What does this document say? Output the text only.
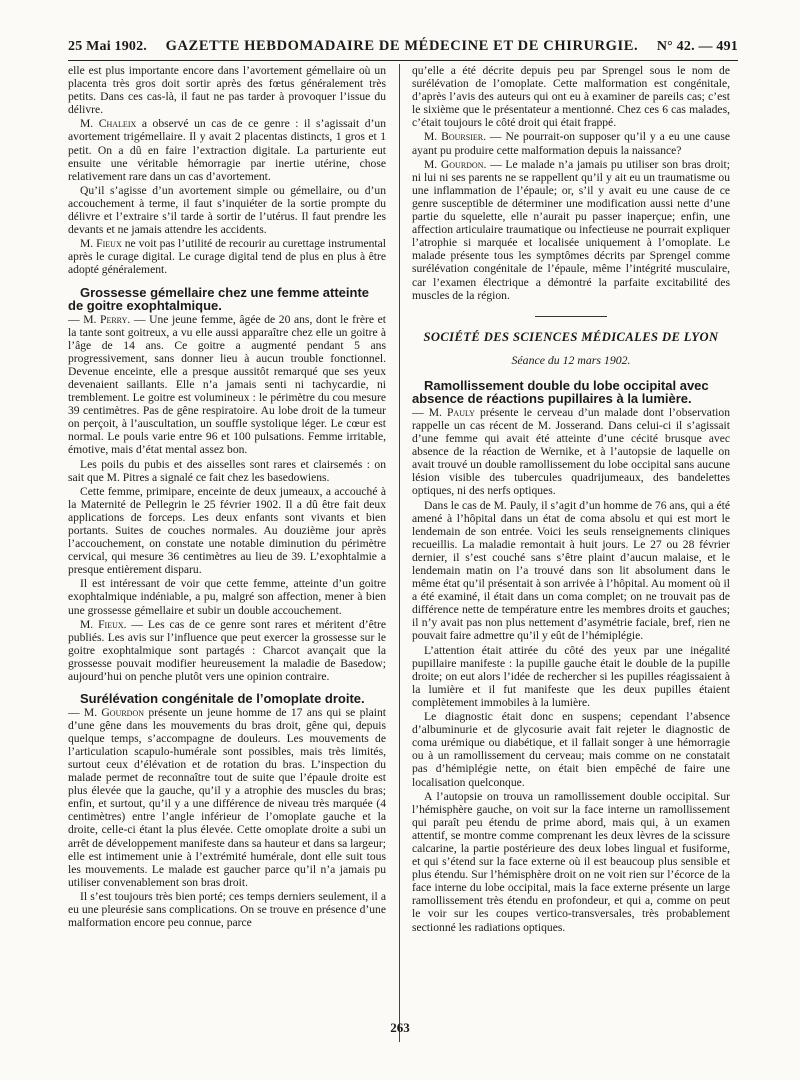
25 Mai 1902. GAZETTE HEBDOMADAIRE DE MÉDECINE ET DE CHIRURGIE. N° 42. — 491

elle est plus importante encore dans l’avortement gémellaire où un placenta très gros doit sortir après des fœtus généralement très petits. Dans ces cas-là, il faut ne pas tarder à provoquer l’issue du délivre.

M. Chaleix a observé un cas de ce genre : il s’agissait d’un avortement trigémellaire. Il y avait 2 placentas distincts, 1 gros et 1 petit. On a dû en faire l’extraction digitale. La parturiente eut ensuite une véritable hémorragie par inertie utérine, chose relativement rare dans un cas d’avortement.

Qu’il s’agisse d’un avortement simple ou gémellaire, ou d’un accouchement à terme, il faut s’inquiéter de la sortie prompte du délivre et l’extraire s’il tarde à sortir de l’utérus. Il faut prendre les devants et ne jamais attendre les accidents.

M. Fieux ne voit pas l’utilité de recourir au curettage instrumental après le curage digital. Le curage digital tend de plus en plus à être adopté généralement.

Grossesse gémellaire chez une femme atteinte de goitre exophtalmique.

— M. Perry. — Une jeune femme, âgée de 20 ans, dont le frère et la tante sont goitreux, a vu elle aussi apparaître chez elle un goitre à l’âge de 14 ans. Ce goitre a augmenté pendant 5 ans progressivement, sans donner lieu à aucun trouble fonctionnel. Devenue enceinte, elle a presque aussitôt remarqué que ses yeux devenaient saillants. Elle n’a jamais senti ni tachycardie, ni tremblement. Le goitre est volumineux : le périmètre du cou mesure 39 centimètres. Pas de gêne respiratoire. Au lobe droit de la tumeur on perçoit, à l’auscultation, un souffle systolique léger. Le cœur est normal. Le pouls varie entre 96 et 100 pulsations. Femme irritable, émotive, mais d’état mental assez bon.

Les poils du pubis et des aisselles sont rares et clairsemés : on sait que M. Pitres a signalé ce fait chez les basedowiens.

Cette femme, primipare, enceinte de deux jumeaux, a accouché à la Maternité de Pellegrin le 25 février 1902. Il a dû être fait deux applications de forceps. Les deux enfants sont vivants et bien portants. Suites de couches normales. Au douzième jour après l’accouchement, on constate une notable diminution du périmètre cervical, qui mesure 36 centimètres au lieu de 39. L’exophtalmie a presque entièrement disparu.

Il est intéressant de voir que cette femme, atteinte d’un goitre exophtalmique indéniable, a pu, malgré son affection, mener à bien une grossesse gémellaire et subir un double accouchement.

M. Fieux. — Les cas de ce genre sont rares et méritent d’être publiés. Les avis sur l’influence que peut exercer la grossesse sur le goitre exophtalmique sont partagés : Charcot avançait que la grossesse pouvait modifier heureusement la maladie de Basedow; aujourd’hui on penche plutôt vers une opinion contraire.

Surélévation congénitale de l’omoplate droite.

— M. Gourdon présente un jeune homme de 17 ans qui se plaint d’une gêne dans les mouvements du bras droit, gêne qui, depuis quelque temps, s’accompagne de douleurs. Les mouvements de l’articulation scapulo-humérale sont possibles, mais très limités, surtout ceux d’élévation et de rotation du bras. L’inspection du malade permet de reconnaître tout de suite que l’épaule droite est plus élevée que la gauche, qu’il y a atrophie des muscles du bras; enfin, et surtout, qu’il y a une différence de niveau très marquée (4 centimètres) entre l’angle inférieur de l’omoplate gauche et la droite, celle-ci étant la plus élevée. Cette omoplate droite a subi un arrêt de développement manifeste dans sa hauteur et dans sa largeur; elle est intimement unie à l’extrémité humérale, dont elle suit tous les mouvements. Le malade est gaucher parce qu’il n’a jamais pu utiliser convenablement son bras droit.

Il s’est toujours très bien porté; ces temps derniers seulement, il a eu une pleurésie sans complications. On se trouve en présence d’une malformation encore peu connue, parce

qu’elle a été décrite depuis peu par Sprengel sous le nom de surélévation de l’omoplate. Cette malformation est congénitale, d’après l’avis des auteurs qui ont eu à examiner de pareils cas; c’est le sixième que le présentateur a mentionné. Chez ces 6 cas malades, c’était toujours le côté droit qui était frappé.

M. Boursier. — Ne pourrait-on supposer qu’il y a eu une cause ayant pu produire cette malformation depuis la naissance?

M. Gourdon. — Le malade n’a jamais pu utiliser son bras droit; ni lui ni ses parents ne se rappellent qu’il y ait eu un traumatisme ou une inflammation de l’épaule; or, s’il y avait eu une cause de ce genre susceptible de déterminer une modification aussi nette d’une partie du squelette, elle n’aurait pu passer inaperçue; enfin, une affection articulaire traumatique ou infectieuse ne pourrait expliquer l’atrophie si marquée et localisée uniquement à l’omoplate. Le malade présente tous les symptômes décrits par Sprengel comme surélévation congénitale de l’épaule, même l’intégrité musculaire, car l’examen électrique a démontré la parfaite excitabilité des muscles de la région.

SOCIÉTÉ DES SCIENCES MÉDICALES DE LYON
Séance du 12 mars 1902.
Ramollissement double du lobe occipital avec absence de réactions pupillaires à la lumière.

— M. Pauly présente le cerveau d’un malade dont l’observation rappelle un cas récent de M. Josserand. Dans celui-ci il s’agissait d’une femme qui avait été atteinte d’une cécité brusque avec absence de la réaction de Wernike, et à l’autopsie de laquelle on avait trouvé un double ramollissement du lobe occipital sans aucune lésion visible des tubercules quadrijumeaux, des bandelettes optiques, ni des nerfs optiques.

Dans le cas de M. Pauly, il s’agit d’un homme de 76 ans, qui a été amené à l’hôpital dans un état de coma absolu et qui est mort le lendemain de son entrée. Voici les seuls renseignements cliniques recueillis. La maladie remontait à huit jours. Le 27 ou 28 février dernier, il s’est couché sans s’être plaint d’aucun malaise, et le lendemain matin on l’a trouvé dans son lit absolument dans le même état qu’il présentait à son arrivée à l’hôpital. Au moment où il a été examiné, il était dans un coma complet; on ne trouvait pas de différence nette de température entre les membres droits et gauches; il n’y avait pas non plus nettement d’asymétrie faciale, bref, rien ne pouvait faire admettre qu’il y eût de l’hémiplégie.

L’attention était attirée du côté des yeux par une inégalité pupillaire manifeste : la pupille gauche était le double de la pupille droite; on eut alors l’idée de rechercher si les pupilles réagissaient à la lumière et il fut manifeste que les deux pupilles étaient complètement immobiles à la lumière.

Le diagnostic était donc en suspens; cependant l’absence d’albuminurie et de glycosurie avait fait rejeter le diagnostic de coma urémique ou diabétique, et il fallait songer à une hémorragie ou à un ramollissement du cerveau; mais comme on ne constatait pas d’hémiplégie nette, on était bien empêché de faire une localisation quelconque.

A l’autopsie on trouva un ramollissement double occipital. Sur l’hémisphère gauche, on voit sur la face interne un ramollissement qui paraît peu étendu de prime abord, mais qui, à un examen attentif, se montre comme comprenant les deux lèvres de la scissure calcarine, la partie postérieure des deux lobes lingual et fusiforme, et qui s’étend sur la face externe où il est beaucoup plus sensible et plus étendu. Sur l’hémisphère droit on ne voit rien sur l’écorce de la face interne du lobe occipital, mais la face externe présente un large ramollissement très étendu en profondeur, et qui a, comme on peut le voir sur les coupes vertico-transversales, très probablement sectionné les radiations optiques.

263
